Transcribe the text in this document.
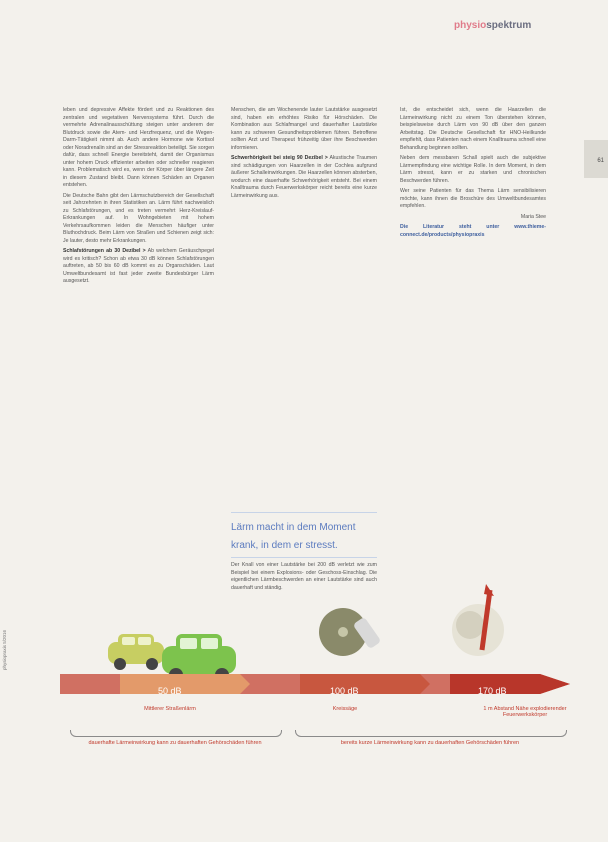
physiospektrum
61

leben und depressive Affekte fördert und zu Reaktionen des zentralen und vegetativen Nervensystems führt. Durch die vermehrte Adrenalinausschüttung steigen unter anderem der Blutdruck sowie die Atem- und Herzfrequenz, und die Wegen-Darm-Tätigkeit nimmt ab. Auch andere Hormone wie Kortisol oder Noradrenalin sind an der Stressreaktion beteiligt. Sie sorgen dafür, dass schnell Energie bereitsteht, damit der Organismus unter hohem Druck effizienter arbeiten oder schneller reagieren kann. Problematisch wird es, wenn der Körper über längere Zeit in diesem Zustand bleibt. Dann können Schäden an Organen entstehen.

Die Deutsche Bahn gibt den Lärmschutzbereich der Gesellschaft seit Jahrzehnten in ihren Statistiken an. Lärm führt nachweislich zu Schlafstörungen, und es treten vermehrt Herz-Kreislauf-Erkrankungen auf. In Wohngebieten mit hohem Verkehrsaufkommen leiden die Menschen häufiger unter Bluthochdruck. Beim Lärm von Straßen und Schienen zeigt sich: Je lauter, desto mehr Erkrankungen.

Schlafstörungen ab 30 Dezibel > Ab welchem Geräuschpegel wird es kritisch? Schon ab etwa 30 dB können Schlafstörungen auftreten, ab 50 bis 60 dB kommt es zu Organschäden. Laut Umweltbundesamt ist fast jeder zweite Bundesbürger Lärm ausgesetzt.

Menschen, die am Wochenende lauter Lautstärke ausgesetzt sind, haben ein erhöhtes Risiko für Hörschäden. Die Kombination aus Schlafmangel und dauerhafter Lautstärke kann zu schweren Gesundheitsproblemen führen. Betroffene sollten Arzt und Therapeut frühzeitig über ihre Beschwerden informieren.

Schwerhörigkeit bei steig 90 Dezibel > Akustische Traumen sind schädigungen von Haarzellen in der Cochlea aufgrund äußerer Schalleinwirkungen. Die Haarzellen können absterben, wodurch eine dauerhafte Schwerhörigkeit entsteht. Bei einem Knalltrauma durch Feuerwerkskörper reicht bereits eine kurze Lärmeinwirkung aus.

Lärm macht in dem Moment krank, in dem er stresst.

Der Knall von einer Lautstärke bei 200 dB verletzt wie zum Beispiel bei einem Explosions- oder Geschoss-Einschlag. Die eigentlichen Lärmbeschwerden an einer Lautstärke sind auch dauerhaft und ständig.

Ist, die entscheidet sich, wenn die Haarzellen die Lärmeinwirkung nicht zu einem Ton überstehen können, beispielsweise durch Lärm von 90 dB über den ganzen Arbeitstag. Die Deutsche Gesellschaft für HNO-Heilkunde empfiehlt, dass Patienten nach einem Knalltrauma schnell eine Behandlung beginnen sollten.

Neben dem messbaren Schall spielt auch die subjektive Lärmempfindung eine wichtige Rolle. In dem Moment, in dem Lärm stresst, kann er zu starken und chronischen Beschwerden führen.

Wer seine Patienten für das Thema Lärm sensibilisieren möchte, kann ihnen die Broschüre des Umweltbundesamtes empfehlen.

Maria Stee

Die Literatur steht unter www.thieme-connect.de/products/physiopraxis

50 dB	100 dB	170 dB
Mittlerer Straßenlärm	Kreissäge	1 m Abstand Nähe explodierender Feuerwerkskörper
dauerhafte Lärmeinwirkung kann zu dauerhaften Gehörschäden führen	bereits kurze Lärmeinwirkung kann zu dauerhaften Gehörschäden führen
physiopraxis 5/2016
